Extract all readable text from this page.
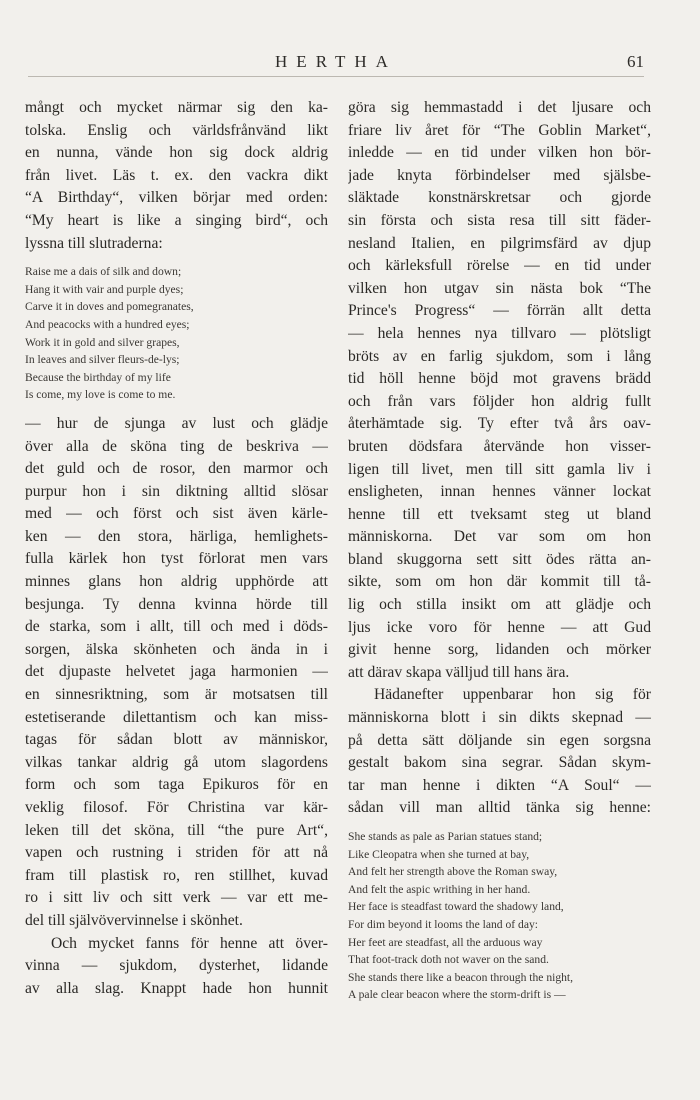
HERTHA	61
mångt och mycket närmar sig den ka-
tolska. Enslig och världsfrånvänd likt
en nunna, vände hon sig dock aldrig
från livet. Läs t. ex. den vackra dikt
“A Birthday“, vilken börjar med orden:
“My heart is like a singing bird“, och
lyssna till slutraderna:
Raise me a dais of silk and down;
Hang it with vair and purple dyes;
Carve it in doves and pomegranates,
And peacocks with a hundred eyes;
Work it in gold and silver grapes,
In leaves and silver fleurs-de-lys;
Because the birthday of my life
Is come, my love is come to me.
— hur de sjunga av lust och glädje
över alla de sköna ting de beskriva —
det guld och de rosor, den marmor och
purpur hon i sin diktning alltid slösar
med — och först och sist även kärle-
ken — den stora, härliga, hemlighets-
fulla kärlek hon tyst förlorat men vars
minnes glans hon aldrig upphörde att
besjunga. Ty denna kvinna hörde till
de starka, som i allt, till och med i döds-
sorgen, älska skönheten och ända in i
det djupaste helvetet jaga harmonien —
en sinnesriktning, som är motsatsen till
estetiserande dilettantism och kan miss-
tagas för sådan blott av människor,
vilkas tankar aldrig gå utom slagordens
form och som taga Epikuros för en
veklig filosof. För Christina var kär-
leken till det sköna, till “the pure Art“,
vapen och rustning i striden för att nå
fram till plastisk ro, ren stillhet, kuvad
ro i sitt liv och sitt verk — var ett me-
del till självövervinnelse i skönhet.
Och mycket fanns för henne att över-
vinna — sjukdom, dysterhet, lidande
av alla slag. Knappt hade hon hunnit
göra sig hemmastadd i det ljusare och
friare liv året för “The Goblin Market“,
inledde — en tid under vilken hon bör-
jade knyta förbindelser med själsbe-
släktade konstnärskretsar och gjorde
sin första och sista resa till sitt fäder-
nesland Italien, en pilgrimsfärd av djup
och kärleksfull rörelse — en tid under
vilken hon utgav sin nästa bok “The
Prince's Progress“ — förrän allt detta
— hela hennes nya tillvaro — plötsligt
bröts av en farlig sjukdom, som i lång
tid höll henne böjd mot gravens brädd
och från vars följder hon aldrig fullt
återhämtade sig. Ty efter två års oav-
bruten dödsfara återvände hon visser-
ligen till livet, men till sitt gamla liv i
ensligheten, innan hennes vänner lockat
henne till ett tveksamt steg ut bland
människorna. Det var som om hon
bland skuggorna sett sitt ödes rätta an-
sikte, som om hon där kommit till tå-
lig och stilla insikt om att glädje och
ljus icke voro för henne — att Gud
givit henne sorg, lidanden och mörker
att därav skapa välljud till hans ära.
Hädanefter uppenbarar hon sig för
människorna blott i sin dikts skepnad —
på detta sätt döljande sin egen sorgsna
gestalt bakom sina segrar. Sådan skym-
tar man henne i dikten “A Soul“ —
sådan vill man alltid tänka sig henne:
She stands as pale as Parian statues stand;
Like Cleopatra when she turned at bay,
And felt her strength above the Roman sway,
And felt the aspic writhing in her hand.
Her face is steadfast toward the shadowy land,
For dim beyond it looms the land of day:
Her feet are steadfast, all the arduous way
That foot-track doth not waver on the sand.
She stands there like a beacon through the night,
A pale clear beacon where the storm-drift is —
